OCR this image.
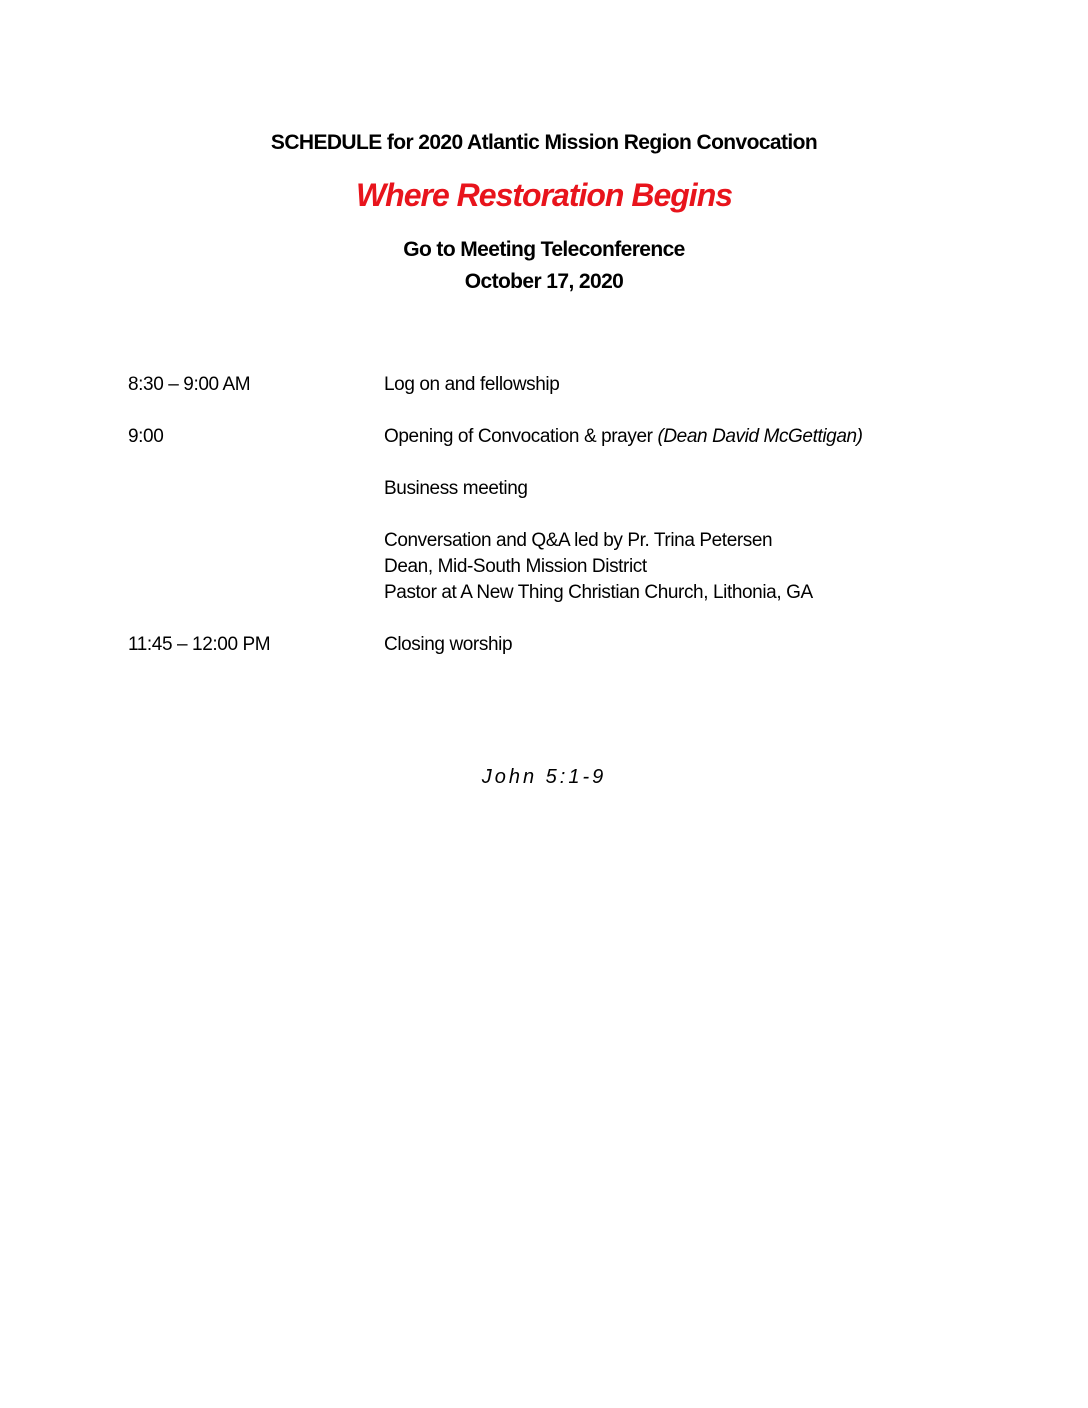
SCHEDULE for 2020 Atlantic Mission Region Convocation
Where Restoration Begins
Go to Meeting Teleconference
October 17, 2020
8:30 – 9:00 AM	Log on and fellowship
9:00	Opening of Convocation & prayer (Dean David McGettigan)
Business meeting
Conversation and Q&A led by Pr. Trina Petersen
Dean, Mid-South Mission District
Pastor at A New Thing Christian Church, Lithonia, GA
11:45 – 12:00 PM	Closing worship
John 5:1-9
